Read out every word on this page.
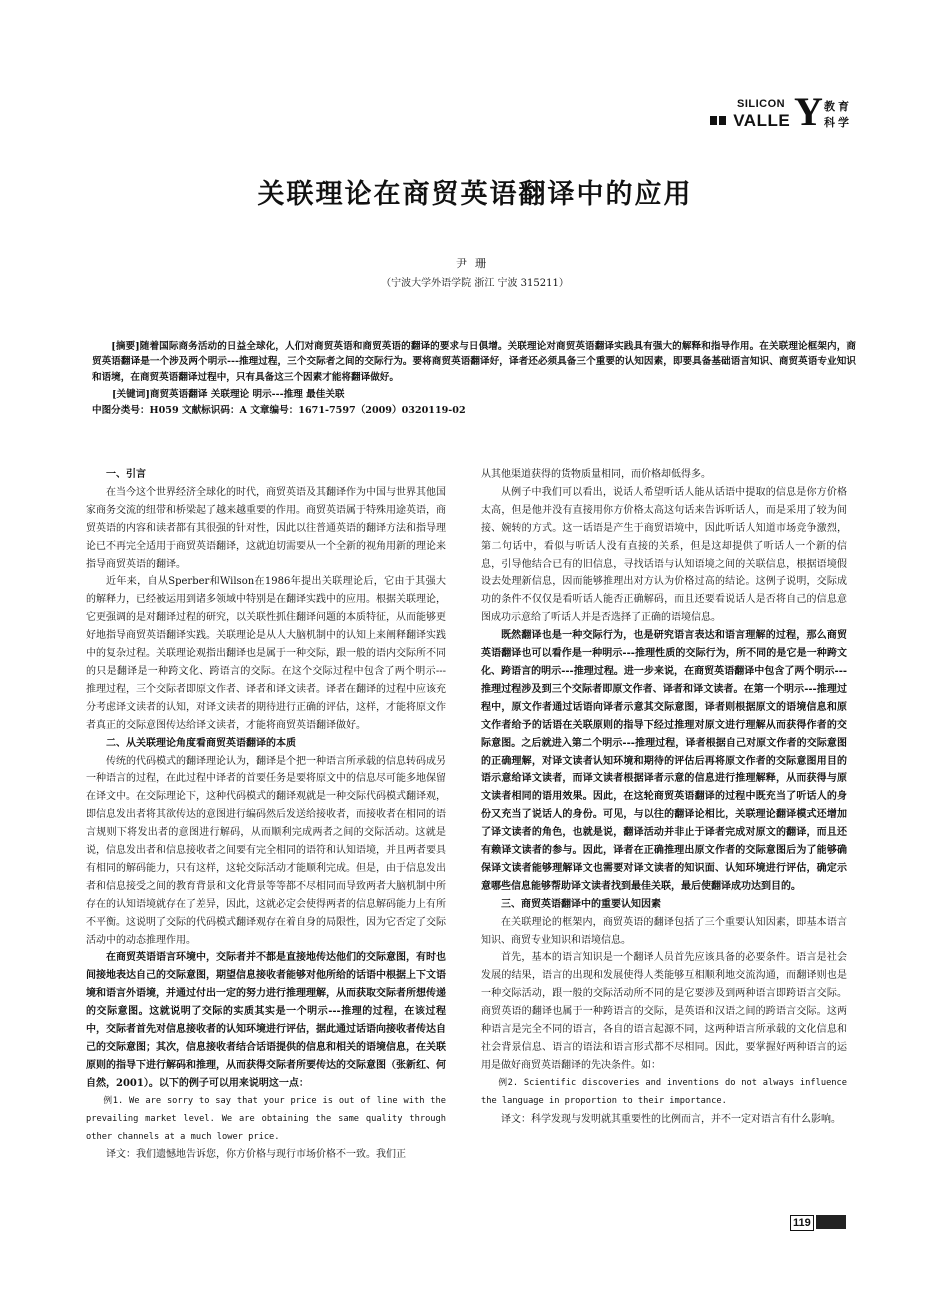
SILICON
VALLE Y 教育
科学
关联理论在商贸英语翻译中的应用
尹珊
（宁波大学外语学院 浙江 宁波 315211）

[摘要]随着国际商务活动的日益全球化，人们对商贸英语和商贸英语的翻译的要求与日俱增。关联理论对商贸英语翻译实践具有强大的解释和指导作用。在关联理论框架内，商贸英语翻译是一个涉及两个明示---推理过程，三个交际者之间的交际行为。要将商贸英语翻译好，译者还必须具备三个重要的认知因素，即要具备基础语言知识、商贸英语专业知识和语境，在商贸英语翻译过程中，只有具备这三个因素才能将翻译做好。

[关键词]商贸英语翻译 关联理论 明示---推理 最佳关联
中图分类号：H059 文献标识码：A 文章编号：1671-7597（2009）0320119-02
一、引言

在当今这个世界经济全球化的时代，商贸英语及其翻译作为中国与世界其他国家商务交流的纽带和桥梁起了越来越重要的作用。商贸英语属于特殊用途英语，商贸英语的内容和读者都有其很强的针对性，因此以往普通英语的翻译方法和指导理论已不再完全适用于商贸英语翻译，这就迫切需要从一个全新的视角用新的理论来指导商贸英语的翻译。

近年来，自从Sperber和Wilson在1986年提出关联理论后，它由于其强大的解释力，已经被运用到诸多领域中特别是在翻译实践中的应用。根据关联理论，它更强调的是对翻译过程的研究，以关联性抓住翻译问题的本质特征，从而能够更好地指导商贸英语翻译实践。关联理论是从人大脑机制中的认知上来阐释翻译实践中的复杂过程。关联理论观指出翻译也是属于一种交际，跟一般的语内交际所不同的只是翻译是一种跨文化、跨语言的交际。在这个交际过程中包含了两个明示---推理过程，三个交际者即原文作者、译者和译文读者。译者在翻译的过程中应该充分考虑译文读者的认知，对译文读者的期待进行正确的评估，这样，才能将原文作者真正的交际意图传达给译文读者，才能将商贸英语翻译做好。

二、从关联理论角度看商贸英语翻译的本质

传统的代码模式的翻译理论认为，翻译是个把一种语言所承载的信息转码成另一种语言的过程，在此过程中译者的首要任务是要将原文中的信息尽可能多地保留在译文中。在交际理论下，这种代码模式的翻译观就是一种交际代码模式翻译观，即信息发出者将其欲传达的意图进行编码然后发送给接收者，而接收者在相同的语言规则下将发出者的意图进行解码，从而顺利完成两者之间的交际活动。这就是说，信息发出者和信息接收者之间要有完全相同的语符和认知语境，并且两者要具有相同的解码能力，只有这样，这轮交际活动才能顺利完成。但是，由于信息发出者和信息接受之间的教育背景和文化背景等等都不尽相同而导致两者大脑机制中所存在的认知语境就存在了差异，因此，这就必定会使得两者的信息解码能力上有所不平衡。这说明了交际的代码模式翻译观存在着自身的局限性，因为它否定了交际活动中的动态推理作用。

在商贸英语语言环境中，交际者并不都是直接地传达他们的交际意图，有时也间接地表达自己的交际意图，期望信息接收者能够对他所给的话语中根据上下文语境和语言外语境，并通过付出一定的努力进行推理理解，从而获取交际者所想传递的交际意图。这就说明了交际的实质其实是一个明示---推理的过程，在该过程中，交际者首先对信息接收者的认知环境进行评估，据此通过话语向接收者传达自己的交际意图；其次，信息接收者结合话语提供的信息和相关的语境信息，在关联原则的指导下进行解码和推理，从而获得交际者所要传达的交际意图（张新红、何自然，2001）。以下的例子可以用来说明这一点：

例1. We are sorry to say that your price is out of line with the prevailing market level. We are obtaining the same quality through other channels at a much lower price.

译文：我们遗憾地告诉您，你方价格与现行市场价格不一致。我们正

从其他渠道获得的货物质量相同，而价格却低得多。

从例子中我们可以看出，说话人希望听话人能从话语中提取的信息是你方价格太高，但是他并没有直接用你方价格太高这句话来告诉听话人，而是采用了较为间接、婉转的方式。这一话语是产生于商贸语境中，因此听话人知道市场竞争激烈，第二句话中，看似与听话人没有直接的关系，但是这却提供了听话人一个新的信息，引导他结合已有的旧信息，寻找话语与认知语境之间的关联信息，根据语境假设去处理新信息，因而能够推理出对方认为价格过高的结论。这例子说明，交际成功的条件不仅仅是看听话人能否正确解码，而且还要看说话人是否将自己的信息意图成功示意给了听话人并是否选择了正确的语境信息。

既然翻译也是一种交际行为，也是研究语言表达和语言理解的过程，那么商贸英语翻译也可以看作是一种明示---推理性质的交际行为，所不同的是它是一种跨文化、跨语言的明示---推理过程。进一步来说，在商贸英语翻译中包含了两个明示---推理过程涉及到三个交际者即原文作者、译者和译文读者。在第一个明示---推理过程中，原文作者通过话语向译者示意其交际意图，译者则根据原文的语境信息和原文作者给予的话语在关联原则的指导下经过推理对原文进行理解从而获得作者的交际意图。之后就进入第二个明示---推理过程，译者根据自己对原文作者的交际意图的正确理解，对译文读者认知环境和期待的评估后再将原文作者的交际意图用目的语示意给译文读者，而译文读者根据译者示意的信息进行推理解释，从而获得与原文读者相同的语用效果。因此，在这轮商贸英语翻译的过程中既充当了听话人的身份又充当了说话人的身份。可见，与以往的翻译论相比，关联理论翻译模式还增加了译文读者的角色，也就是说，翻译活动并非止于译者完成对原文的翻译，而且还有赖译文读者的参与。因此，译者在正确推理出原文作者的交际意图后为了能够确保译文读者能够理解译文也需要对译文读者的知识面、认知环境进行评估，确定示意哪些信息能够帮助译文读者找到最佳关联，最后使翻译成功达到目的。

三、商贸英语翻译中的重要认知因素

在关联理论的框架内，商贸英语的翻译包括了三个重要认知因素，即基本语言知识、商贸专业知识和语境信息。

首先，基本的语言知识是一个翻译人员首先应该具备的必要条件。语言是社会发展的结果，语言的出现和发展使得人类能够互相顺利地交流沟通，而翻译则也是一种交际活动，跟一般的交际活动所不同的是它要涉及到两种语言即跨语言交际。商贸英语的翻译也属于一种跨语言的交际，是英语和汉语之间的跨语言交际。这两种语言是完全不同的语言，各自的语言起源不同，这两种语言所承载的文化信息和社会背景信息、语言的语法和语言形式都不尽相同。因此，要掌握好两种语言的运用是做好商贸英语翻译的先决条件。如：

例2. Scientific discoveries and inventions do not always influence the language in proportion to their importance.

译文：科学发现与发明就其重要性的比例而言，并不一定对语言有什么影响。

119
